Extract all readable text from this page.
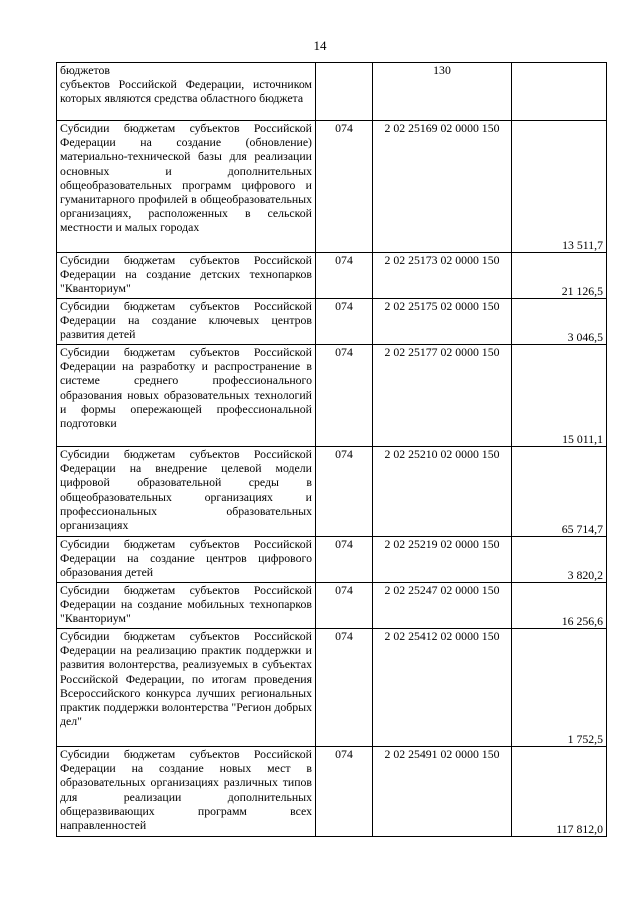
14
бюджетов
субъектов Российской Федерации, источником которых являются средства областного бюджета		130	
Субсидии бюджетам субъектов Российской Федерации на создание (обновление) материально-технической базы для реализации основных и дополнительных общеобразовательных программ цифрового и гуманитарного профилей в общеобразовательных организациях, расположенных в сельской местности и малых городах	074	2 02 25169 02 0000 150	13 511,7
Субсидии бюджетам субъектов Российской Федерации на создание детских технопарков "Кванториум"	074	2 02 25173 02 0000 150	21 126,5
Субсидии бюджетам субъектов Российской Федерации на создание ключевых центров развития детей	074	2 02 25175 02 0000 150	3 046,5
Субсидии бюджетам субъектов Российской Федерации на разработку и распространение в системе среднего профессионального образования новых образовательных технологий и формы опережающей профессиональной подготовки	074	2 02 25177 02 0000 150	15 011,1
Субсидии бюджетам субъектов Российской Федерации на внедрение целевой модели цифровой образовательной среды в общеобразовательных организациях и профессиональных образовательных организациях	074	2 02 25210 02 0000 150	65 714,7
Субсидии бюджетам субъектов Российской Федерации на создание центров цифрового образования детей	074	2 02 25219 02 0000 150	3 820,2
Субсидии бюджетам субъектов Российской Федерации на создание мобильных технопарков "Кванториум"	074	2 02 25247 02 0000 150	16 256,6
Субсидии бюджетам субъектов Российской Федерации на реализацию практик поддержки и развития волонтерства, реализуемых в субъектах Российской Федерации, по итогам проведения Всероссийского конкурса лучших региональных практик поддержки волонтерства "Регион добрых дел"	074	2 02 25412 02 0000 150	1 752,5
Субсидии бюджетам субъектов Российской Федерации на создание новых мест в образовательных организациях различных типов для реализации дополнительных общеразвивающих программ всех направленностей	074	2 02 25491 02 0000 150	117 812,0
